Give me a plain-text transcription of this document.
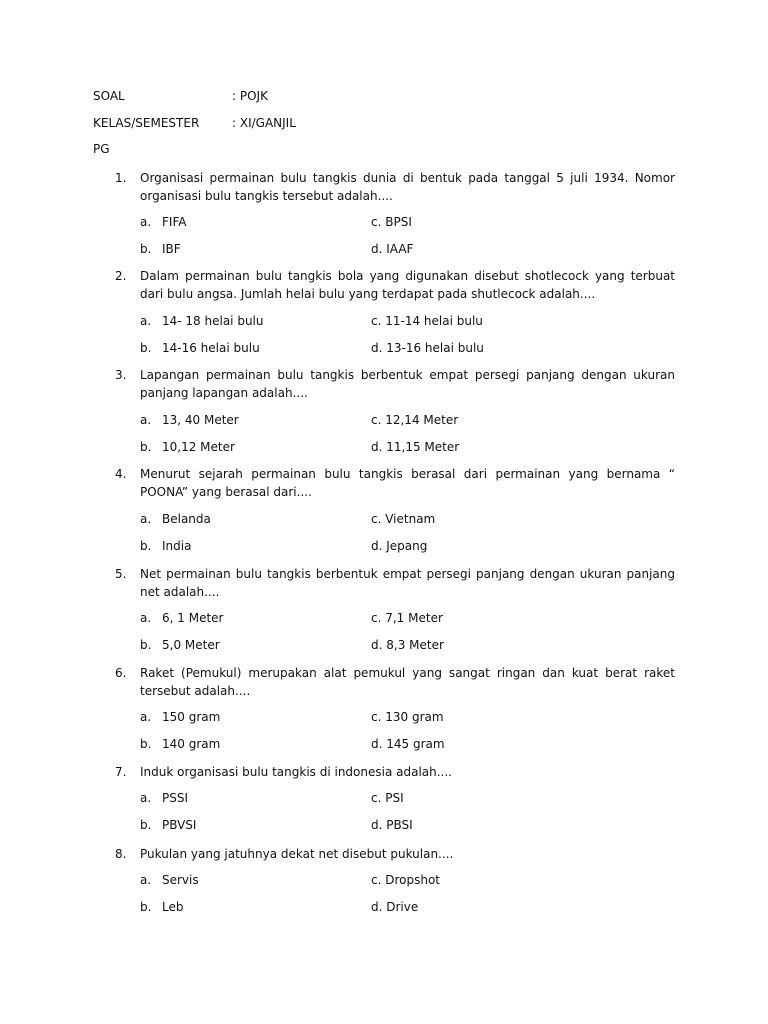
SOAL	: POJK
KELAS/SEMESTER	: XI/GANJIL
PG
1. Organisasi permainan bulu tangkis dunia di bentuk pada tanggal 5 juli 1934. Nomor organisasi bulu tangkis tersebut adalah....
a. FIFA	c. BPSI
b. IBF	d. IAAF
2. Dalam permainan bulu tangkis bola yang digunakan disebut shotlecock yang terbuat dari bulu angsa. Jumlah helai bulu yang terdapat pada shutlecock adalah....
a. 14- 18 helai bulu	c. 11-14 helai bulu
b. 14-16 helai bulu	d. 13-16 helai bulu
3. Lapangan permainan bulu tangkis berbentuk empat persegi panjang dengan ukuran panjang lapangan adalah....
a. 13, 40 Meter	c. 12,14 Meter
b. 10,12 Meter	d. 11,15 Meter
4. Menurut sejarah permainan bulu tangkis berasal dari permainan yang bernama “ POONA” yang berasal dari....
a. Belanda	c. Vietnam
b. India	d. Jepang
5. Net permainan bulu tangkis berbentuk empat persegi panjang dengan ukuran panjang net adalah....
a. 6, 1 Meter	c. 7,1 Meter
b. 5,0 Meter	d. 8,3 Meter
6. Raket (Pemukul) merupakan alat pemukul yang sangat ringan dan kuat berat raket tersebut adalah....
a. 150 gram	c. 130 gram
b. 140 gram	d. 145 gram
7. Induk organisasi bulu tangkis di indonesia adalah....
a. PSSI	c. PSI
b. PBVSI	d. PBSI
8. Pukulan yang jatuhnya dekat net disebut pukulan....
a. Servis	c. Dropshot
b. Leb	d. Drive
